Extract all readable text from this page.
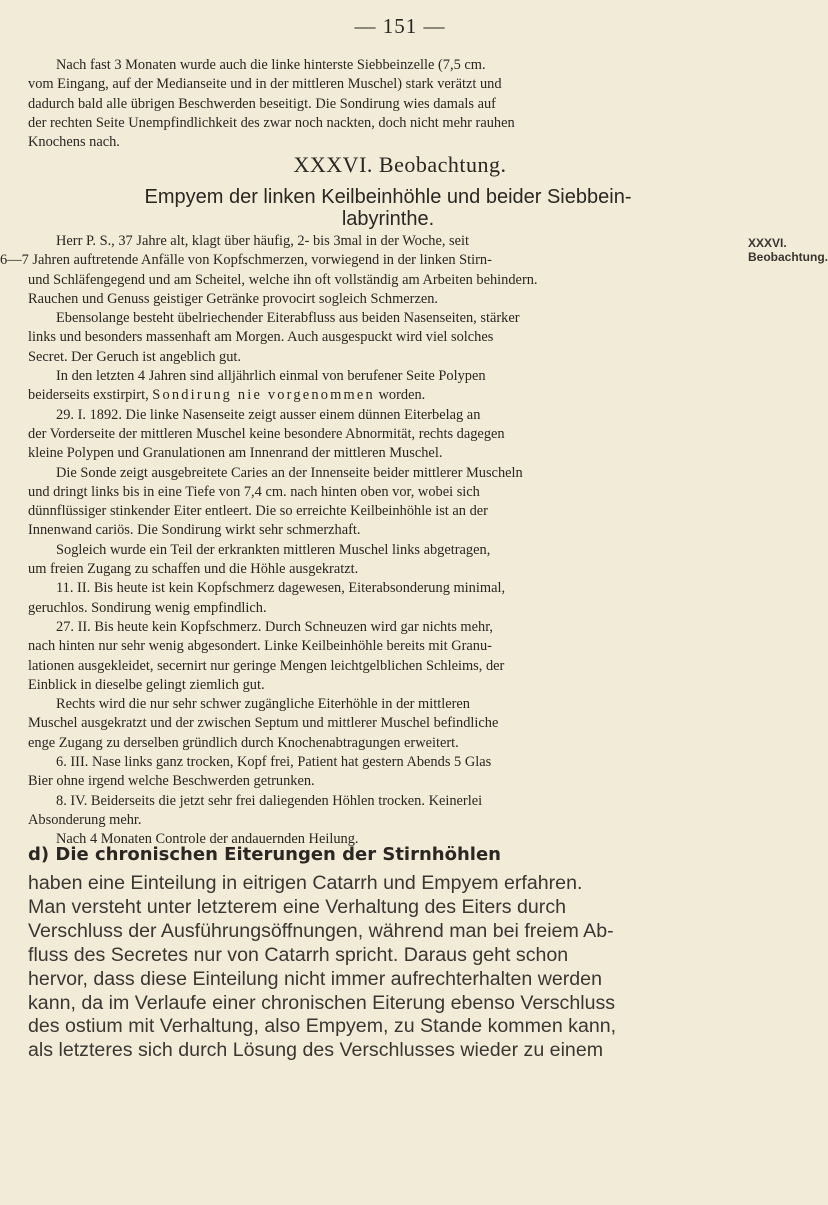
— 151 —

Nach fast 3 Monaten wurde auch die linke hinterste Siebbeinzelle (7,5 cm.

vom Eingang, auf der Medianseite und in der mittleren Muschel) stark verätzt und
dadurch bald alle übrigen Beschwerden beseitigt. Die Sondirung wies damals auf
der rechten Seite Unempfindlichkeit des zwar noch nackten, doch nicht mehr rauhen
Knochens nach.

XXXVI. Beobachtung.
Empyem der linken Keilbeinhöhle und beider Siebbein-
labyrinthe.
XXXVI.
Beobachtung.

Herr P. S., 37 Jahre alt, klagt über häufig, 2- bis 3mal in der Woche, seit
6—7 Jahren auftretende Anfälle von Kopfschmerzen, vorwiegend in der linken Stirn-
und Schläfengegend und am Scheitel, welche ihn oft vollständig am Arbeiten behindern.
Rauchen und Genuss geistiger Getränke provocirt sogleich Schmerzen.

Ebensolange besteht übelriechender Eiterabfluss aus beiden Nasenseiten, stärker
links und besonders massenhaft am Morgen. Auch ausgespuckt wird viel solches
Secret. Der Geruch ist angeblich gut.

In den letzten 4 Jahren sind alljährlich einmal von berufener Seite Polypen
beiderseits exstirpirt, Sondirung nie vorgenommen worden.

29. I. 1892. Die linke Nasenseite zeigt ausser einem dünnen Eiterbelag an
der Vorderseite der mittleren Muschel keine besondere Abnormität, rechts dagegen
kleine Polypen und Granulationen am Innenrand der mittleren Muschel.

Die Sonde zeigt ausgebreitete Caries an der Innenseite beider mittlerer Muscheln
und dringt links bis in eine Tiefe von 7,4 cm. nach hinten oben vor, wobei sich
dünnflüssiger stinkender Eiter entleert. Die so erreichte Keilbeinhöhle ist an der
Innenwand cariös. Die Sondirung wirkt sehr schmerzhaft.

Sogleich wurde ein Teil der erkrankten mittleren Muschel links abgetragen,
um freien Zugang zu schaffen und die Höhle ausgekratzt.

11. II. Bis heute ist kein Kopfschmerz dagewesen, Eiterabsonderung minimal,
geruchlos. Sondirung wenig empfindlich.

27. II. Bis heute kein Kopfschmerz. Durch Schneuzen wird gar nichts mehr,
nach hinten nur sehr wenig abgesondert. Linke Keilbeinhöhle bereits mit Granu-
lationen ausgekleidet, secernirt nur geringe Mengen leichtgelblichen Schleims, der
Einblick in dieselbe gelingt ziemlich gut.

Rechts wird die nur sehr schwer zugängliche Eiterhöhle in der mittleren
Muschel ausgekratzt und der zwischen Septum und mittlerer Muschel befindliche
enge Zugang zu derselben gründlich durch Knochenabtragungen erweitert.

6. III. Nase links ganz trocken, Kopf frei, Patient hat gestern Abends 5 Glas
Bier ohne irgend welche Beschwerden getrunken.

8. IV. Beiderseits die jetzt sehr frei daliegenden Höhlen trocken. Keinerlei
Absonderung mehr.

Nach 4 Monaten Controle der andauernden Heilung.

d) Die chronischen Eiterungen der Stirnhöhlen

haben eine Einteilung in eitrigen Catarrh und Empyem erfahren.
Man versteht unter letzterem eine Verhaltung des Eiters durch
Verschluss der Ausführungsöffnungen, während man bei freiem Ab-
fluss des Secretes nur von Catarrh spricht. Daraus geht schon
hervor, dass diese Einteilung nicht immer aufrechterhalten werden
kann, da im Verlaufe einer chronischen Eiterung ebenso Verschluss
des ostium mit Verhaltung, also Empyem, zu Stande kommen kann,
als letzteres sich durch Lösung des Verschlusses wieder zu einem
